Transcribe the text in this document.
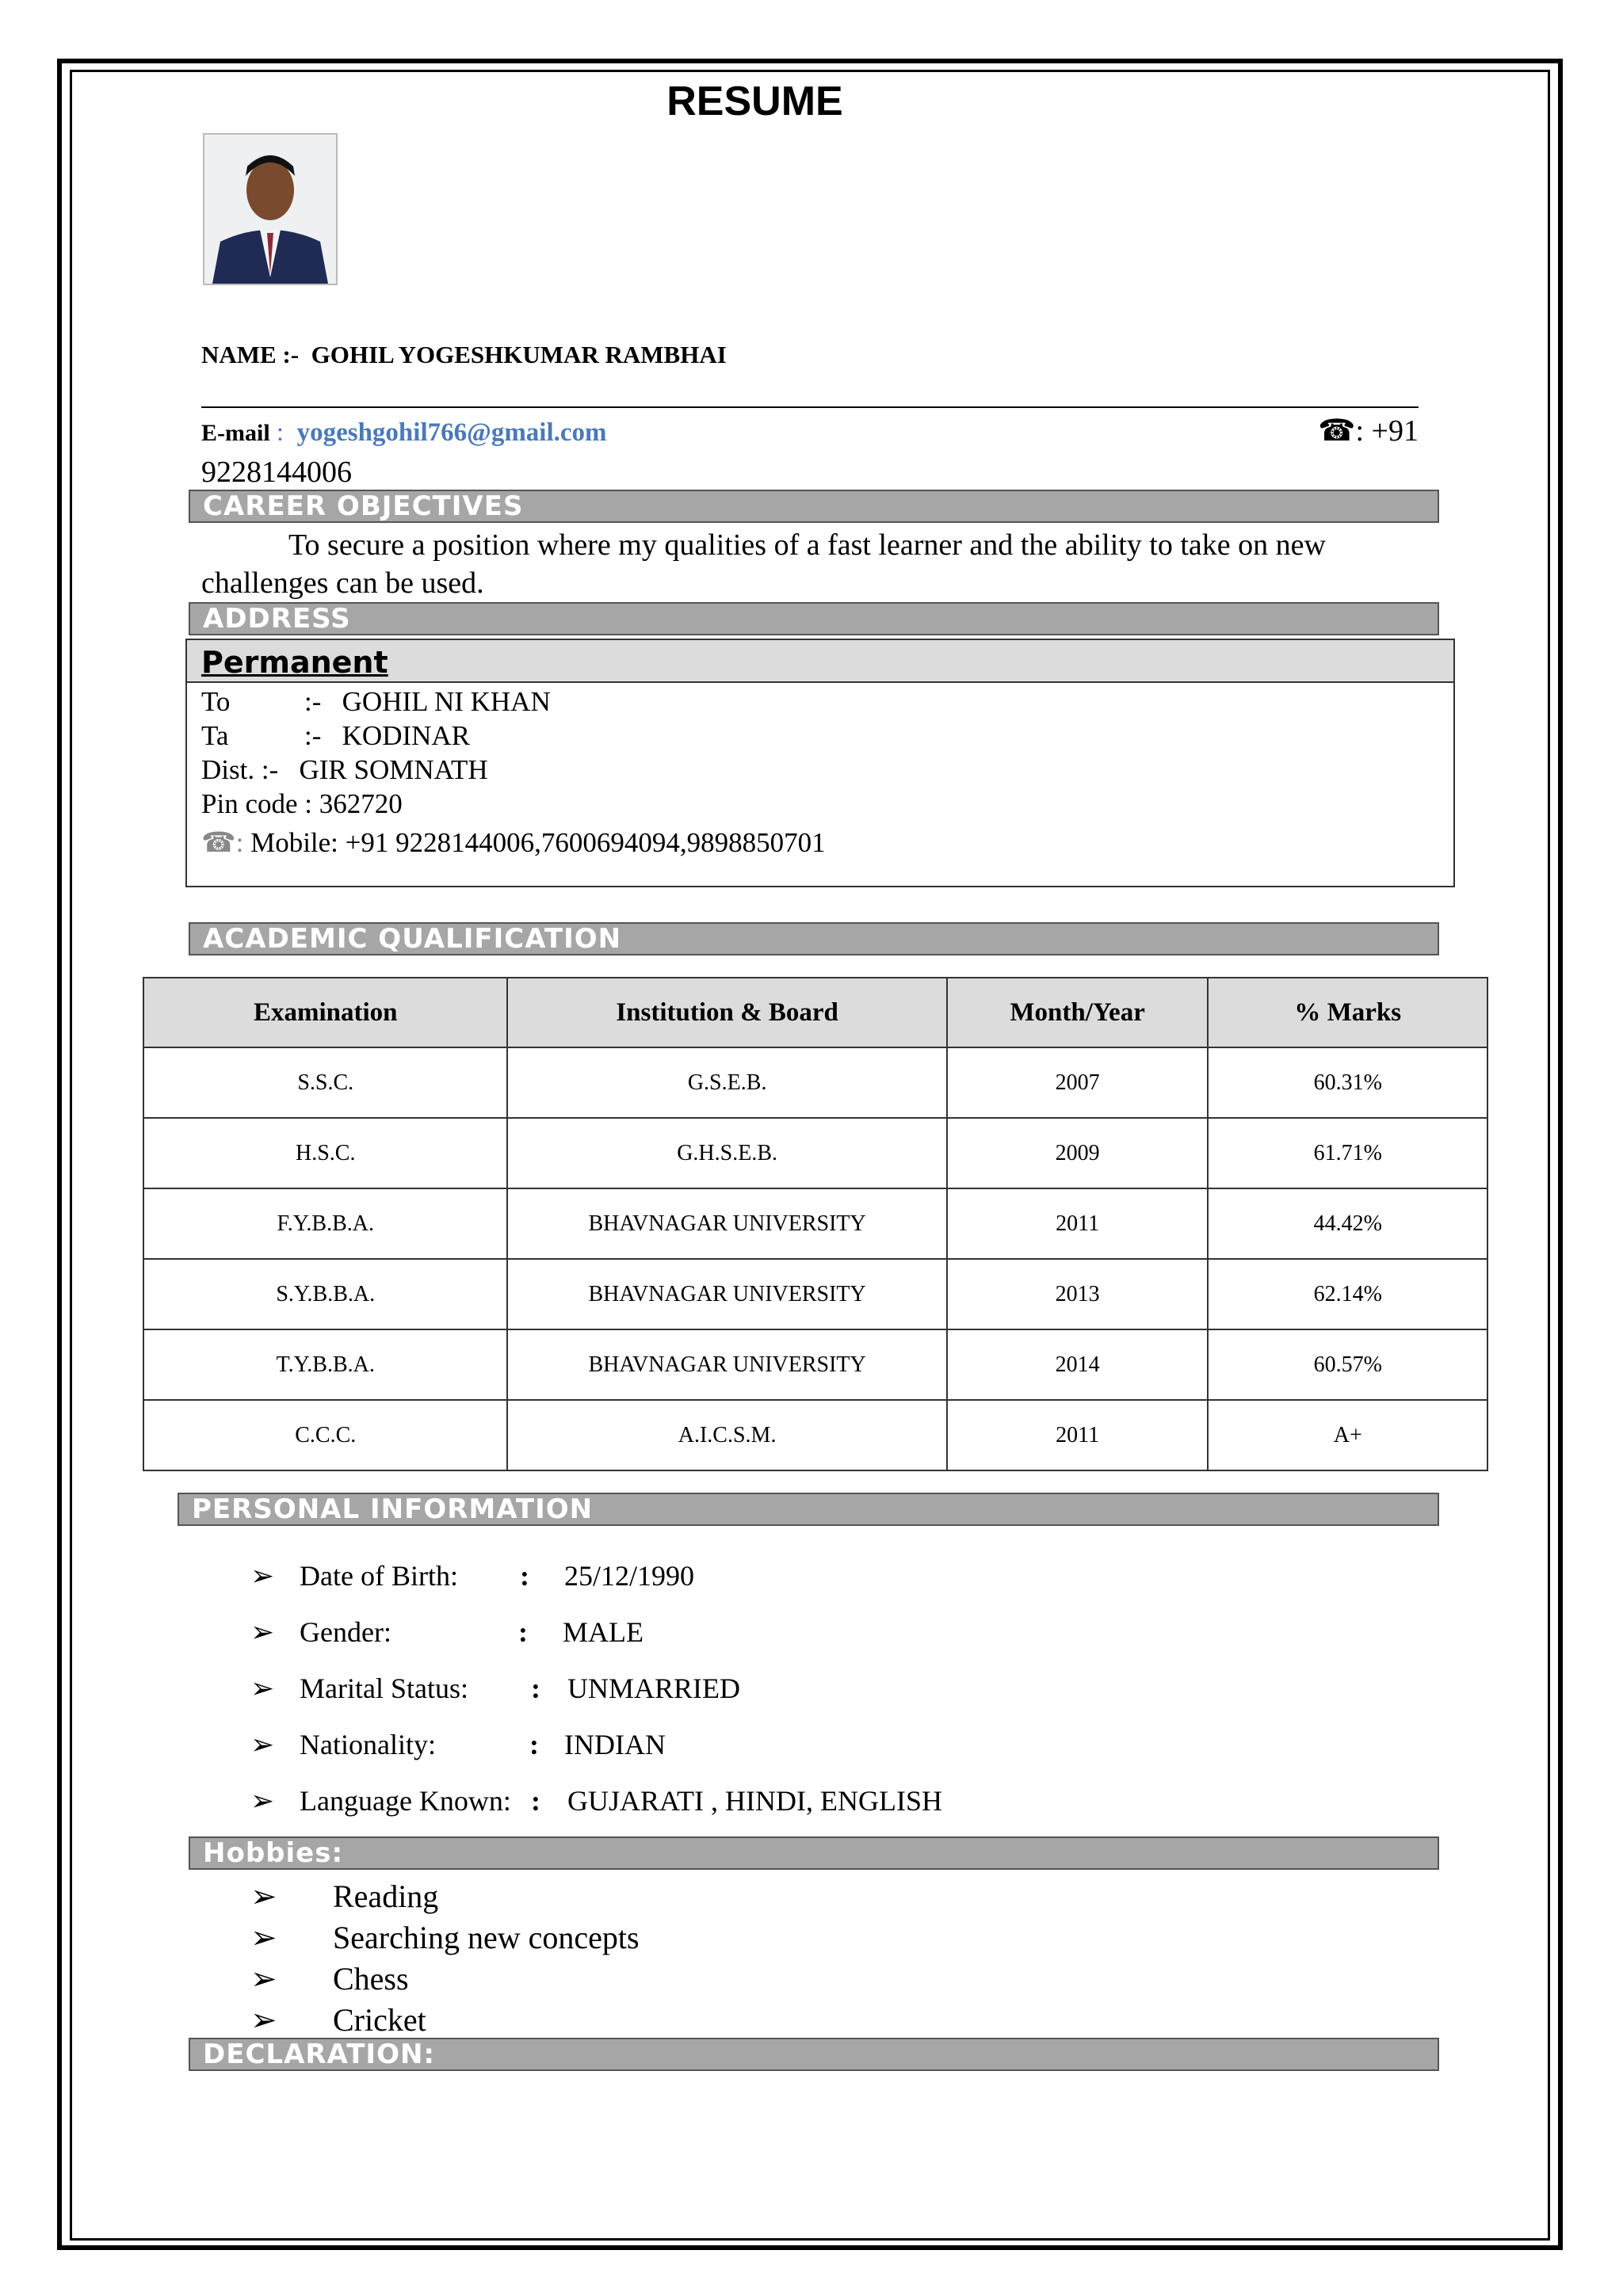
RESUME
NAME :- GOHIL YOGESHKUMAR RAMBHAI
E-mail : yogeshgohil766@gmail.com	☎: +91
9228144006
CAREER OBJECTIVES
To secure a position where my qualities of a fast learner and the ability to take on new challenges can be used.
ADDRESS
Permanent
To	:- GOHIL NI KHAN
Ta	:- KODINAR
Dist. :- GIR SOMNATH
Pin code : 362720
☎: Mobile: +91 9228144006,7600694094,9898850701
ACADEMIC QUALIFICATION
Examination	Institution & Board	Month/Year	% Marks
S.S.C.	G.S.E.B.	2007	60.31%
H.S.C.	G.H.S.E.B.	2009	61.71%
F.Y.B.B.A.	BHAVNAGAR UNIVERSITY	2011	44.42%
S.Y.B.B.A.	BHAVNAGAR UNIVERSITY	2013	62.14%
T.Y.B.B.A.	BHAVNAGAR UNIVERSITY	2014	60.57%
C.C.C.	A.I.C.S.M.	2011	A+
PERSONAL INFORMATION
➢ Date of Birth: : 25/12/1990
➢ Gender:	: MALE
➢ Marital Status: : UNMARRIED
➢ Nationality:	: INDIAN
➢ Language Known: : GUJARATI , HINDI, ENGLISH
Hobbies:
➢ Reading
➢ Searching new concepts
➢ Chess
➢ Cricket
DECLARATION:
